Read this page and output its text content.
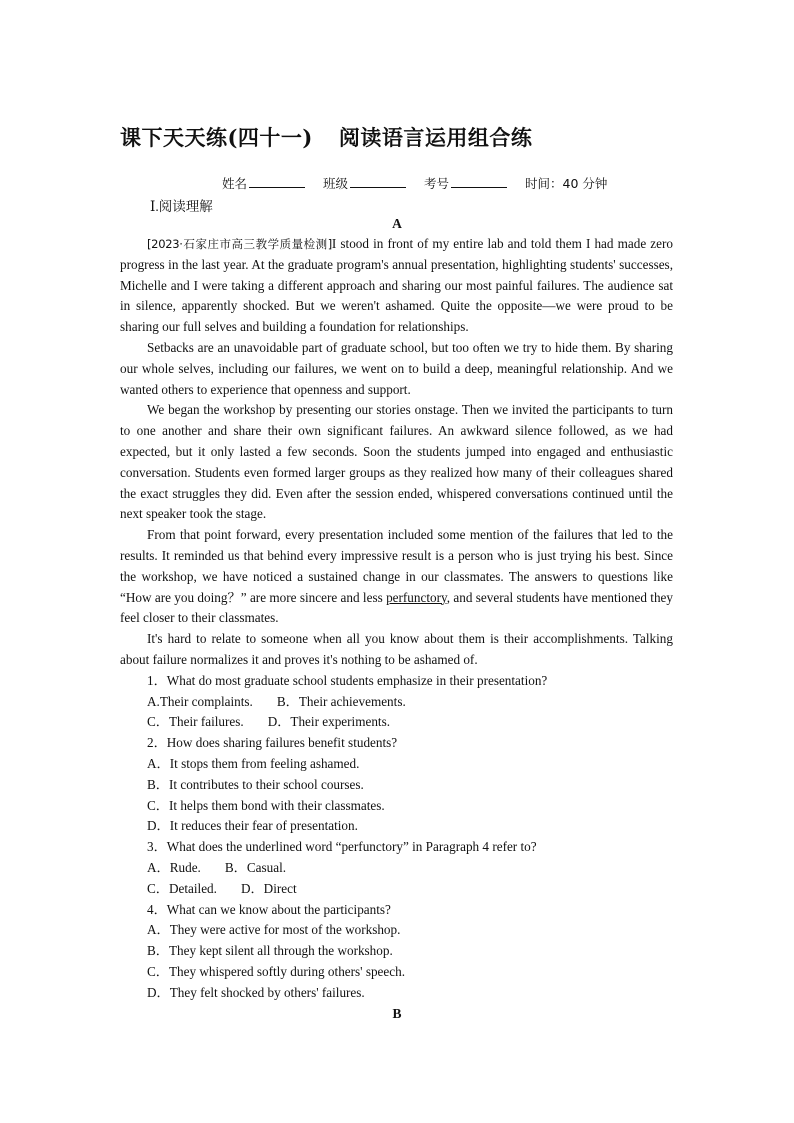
课下天天练(四十一) 阅读语言运用组合练
姓名	班级	考号	时间：40 分钟
Ⅰ.阅读理解
A

[2023·石家庄市高三教学质量检测]I stood in front of my entire lab and told them I had made zero progress in the last year. At the graduate program's annual presentation, highlighting students' successes, Michelle and I were taking a different approach and sharing our most painful failures. The audience sat in silence, apparently shocked. But we weren't ashamed. Quite the opposite—we were proud to be sharing our full selves and building a foundation for relationships.

Setbacks are an unavoidable part of graduate school, but too often we try to hide them. By sharing our whole selves, including our failures, we went on to build a deep, meaningful relationship. And we wanted others to experience that openness and support.

We began the workshop by presenting our stories onstage. Then we invited the participants to turn to one another and share their own significant failures. An awkward silence followed, as we had expected, but it only lasted a few seconds. Soon the students jumped into engaged and enthusiastic conversation. Students even formed larger groups as they realized how many of their colleagues shared the exact struggles they did. Even after the session ended, whispered conversations continued until the next speaker took the stage.

From that point forward, every presentation included some mention of the failures that led to the results. It reminded us that behind every impressive result is a person who is just trying his best. Since the workshop, we have noticed a sustained change in our classmates. The answers to questions like “How are you doing？” are more sincere and less perfunctory, and several students have mentioned they feel closer to their classmates.

It's hard to relate to someone when all you know about them is their accomplishments. Talking about failure normalizes it and proves it's nothing to be ashamed of.

1．What do most graduate school students emphasize in their presentation?

A.Their complaints. B．Their achievements.

C．Their failures. D．Their experiments.

2．How does sharing failures benefit students?

A．It stops them from feeling ashamed.

B．It contributes to their school courses.

C．It helps them bond with their classmates.

D．It reduces their fear of presentation.

3．What does the underlined word “perfunctory” in Paragraph 4 refer to?

A．Rude. B．Casual.

C．Detailed. D．Direct

4．What can we know about the participants?

A．They were active for most of the workshop.

B．They kept silent all through the workshop.

C．They whispered softly during others' speech.

D．They felt shocked by others' failures.

B
